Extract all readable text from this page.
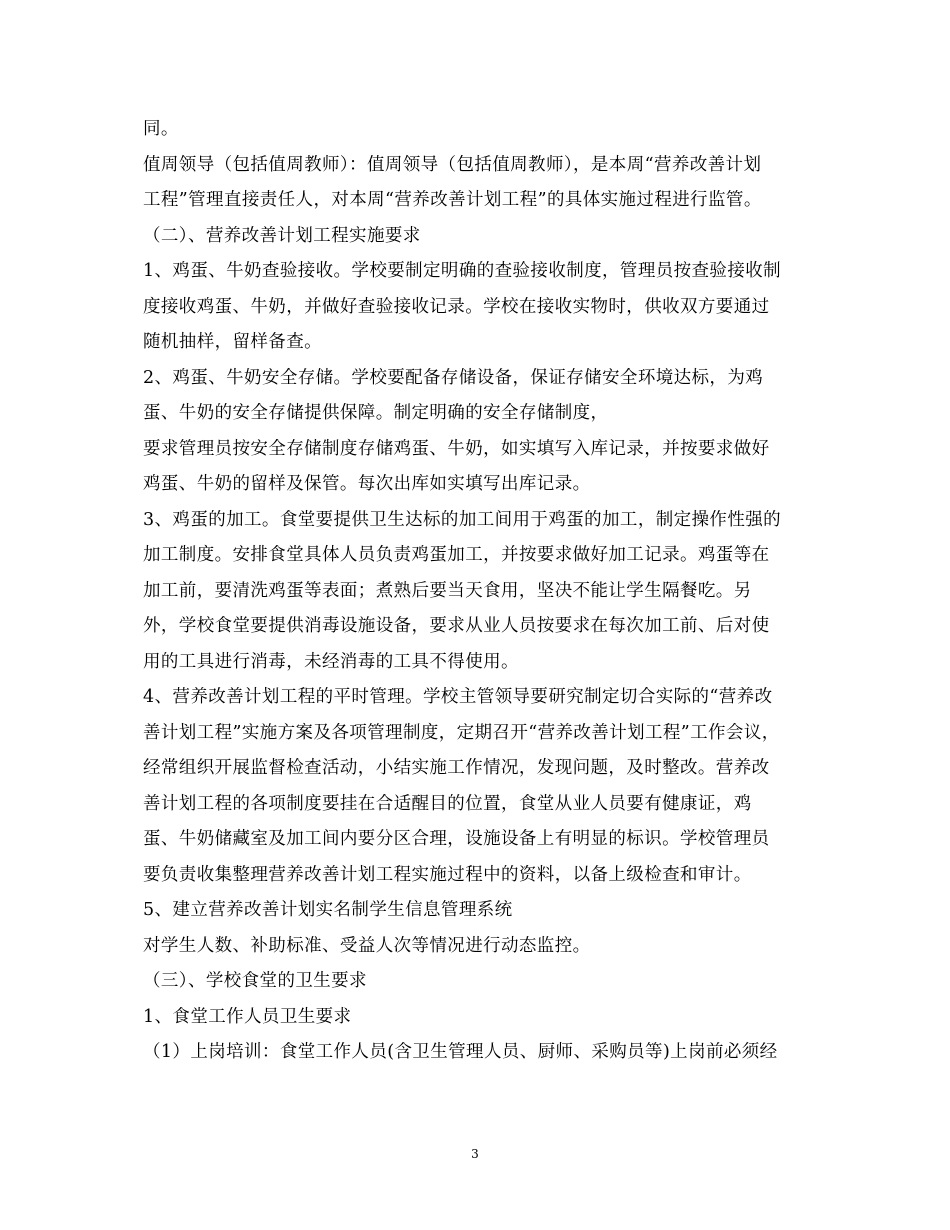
同。
值周领导（包括值周教师）：值周领导（包括值周教师），是本周“营养改善计划
工程”管理直接责任人，对本周“营养改善计划工程”的具体实施过程进行监管。
（二）、营养改善计划工程实施要求
1、鸡蛋、牛奶查验接收。学校要制定明确的查验接收制度，管理员按查验接收制
度接收鸡蛋、牛奶，并做好查验接收记录。学校在接收实物时，供收双方要通过
随机抽样，留样备查。
2、鸡蛋、牛奶安全存储。学校要配备存储设备，保证存储安全环境达标，为鸡
蛋、牛奶的安全存储提供保障。制定明确的安全存储制度，
要求管理员按安全存储制度存储鸡蛋、牛奶，如实填写入库记录，并按要求做好
鸡蛋、牛奶的留样及保管。每次出库如实填写出库记录。
3、鸡蛋的加工。食堂要提供卫生达标的加工间用于鸡蛋的加工，制定操作性强的
加工制度。安排食堂具体人员负责鸡蛋加工，并按要求做好加工记录。鸡蛋等在
加工前，要清洗鸡蛋等表面；煮熟后要当天食用，坚决不能让学生隔餐吃。另
外，学校食堂要提供消毒设施设备，要求从业人员按要求在每次加工前、后对使
用的工具进行消毒，未经消毒的工具不得使用。
4、营养改善计划工程的平时管理。学校主管领导要研究制定切合实际的“营养改
善计划工程”实施方案及各项管理制度，定期召开“营养改善计划工程”工作会议，
经常组织开展监督检查活动，小结实施工作情况，发现问题，及时整改。营养改
善计划工程的各项制度要挂在合适醒目的位置，食堂从业人员要有健康证，鸡
蛋、牛奶储藏室及加工间内要分区合理，设施设备上有明显的标识。学校管理员
要负责收集整理营养改善计划工程实施过程中的资料，以备上级检查和审计。
5、建立营养改善计划实名制学生信息管理系统
对学生人数、补助标准、受益人次等情况进行动态监控。
（三）、学校食堂的卫生要求
1、食堂工作人员卫生要求
（1）上岗培训：食堂工作人员(含卫生管理人员、厨师、采购员等)上岗前必须经
3
